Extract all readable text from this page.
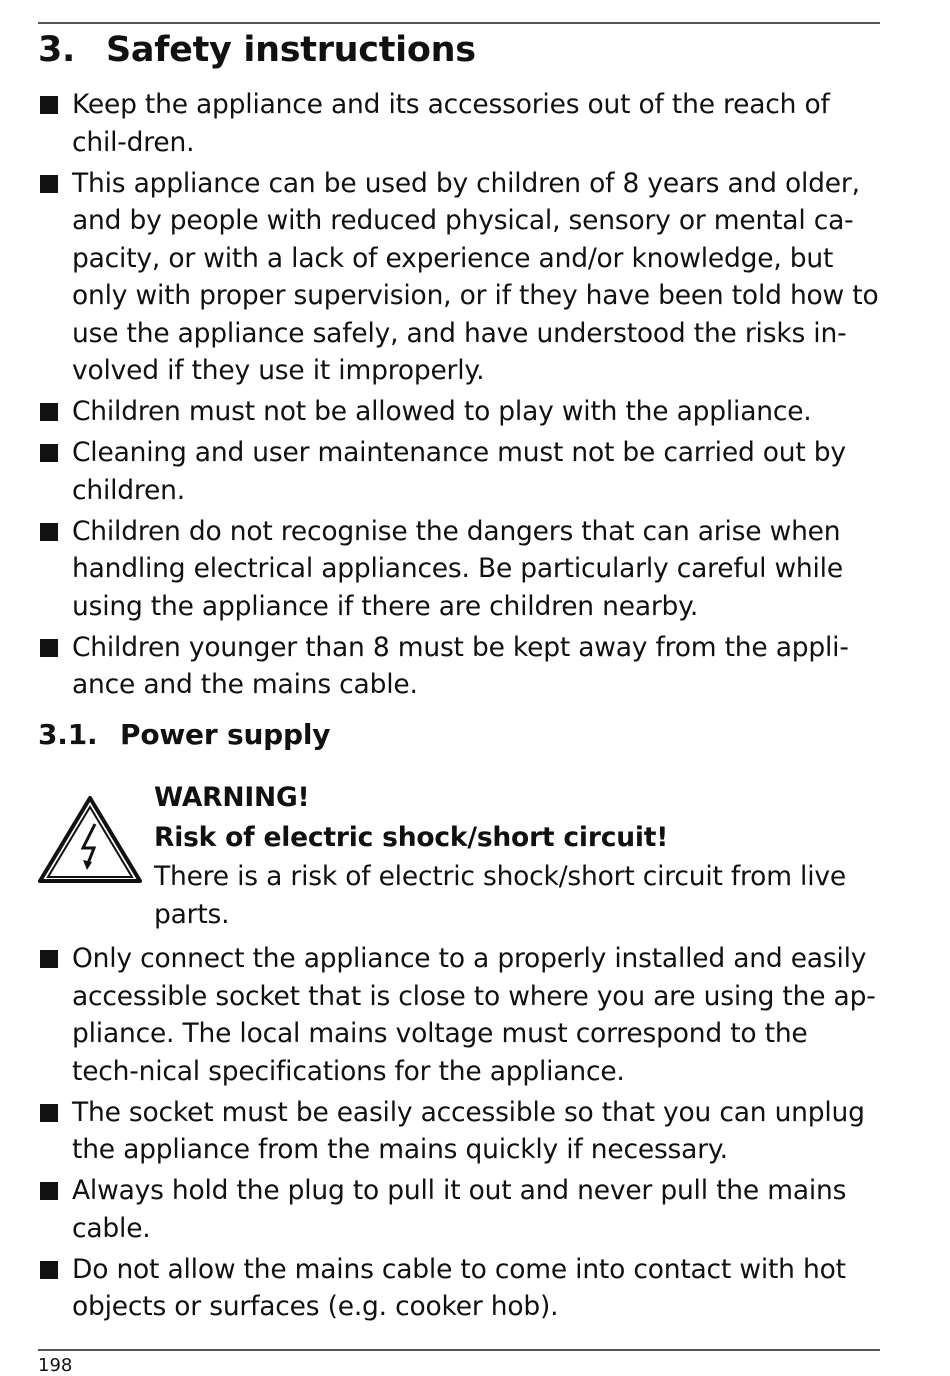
3. Safety instructions
Keep the appliance and its accessories out of the reach of chil-dren.
This appliance can be used by children of 8 years and older, and by people with reduced physical, sensory or mental ca-pacity, or with a lack of experience and/or knowledge, but only with proper supervision, or if they have been told how to use the appliance safely, and have understood the risks in-volved if they use it improperly.
Children must not be allowed to play with the appliance.
Cleaning and user maintenance must not be carried out by children.
Children do not recognise the dangers that can arise when handling electrical appliances. Be particularly careful while using the appliance if there are children nearby.
Children younger than 8 must be kept away from the appli-ance and the mains cable.
3.1. Power supply
WARNING!
Risk of electric shock/short circuit!
There is a risk of electric shock/short circuit from live parts.
Only connect the appliance to a properly installed and easily accessible socket that is close to where you are using the ap-pliance. The local mains voltage must correspond to the tech-nical specifications for the appliance.
The socket must be easily accessible so that you can unplug the appliance from the mains quickly if necessary.
Always hold the plug to pull it out and never pull the mains cable.
Do not allow the mains cable to come into contact with hot objects or surfaces (e.g. cooker hob).
198
